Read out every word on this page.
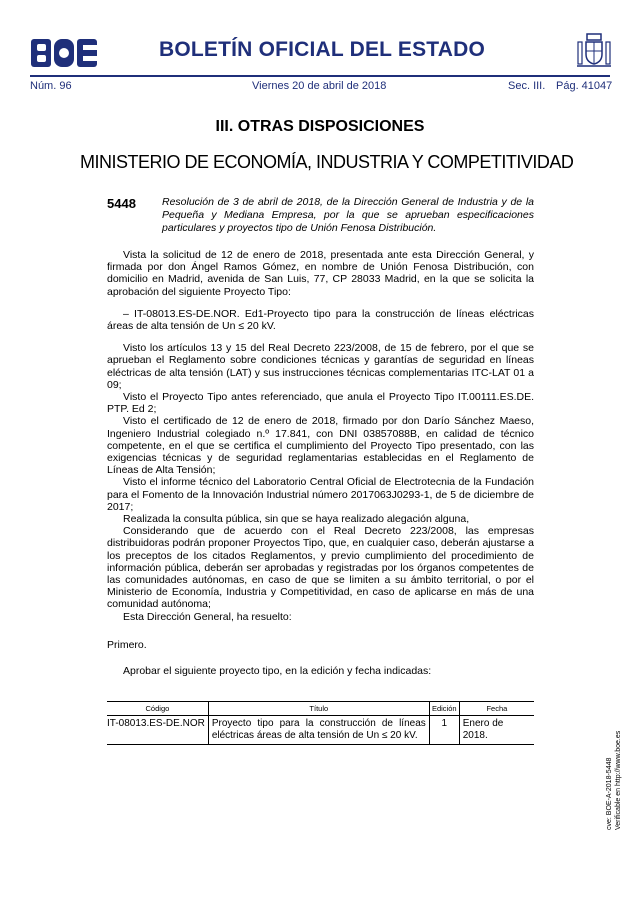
BOLETÍN OFICIAL DEL ESTADO
Núm. 96	Viernes 20 de abril de 2018	Sec. III. Pág. 41047
III. OTRAS DISPOSICIONES
MINISTERIO DE ECONOMÍA, INDUSTRIA Y COMPETITIVIDAD
5448 Resolución de 3 de abril de 2018, de la Dirección General de Industria y de la Pequeña y Mediana Empresa, por la que se aprueban especificaciones particulares y proyectos tipo de Unión Fenosa Distribución.

Vista la solicitud de 12 de enero de 2018, presentada ante esta Dirección General, y firmada por don Ángel Ramos Gómez, en nombre de Unión Fenosa Distribución, con domicilio en Madrid, avenida de San Luis, 77, CP 28033 Madrid, en la que se solicita la aprobación del siguiente Proyecto Tipo:

– IT-08013.ES-DE.NOR. Ed1-Proyecto tipo para la construcción de líneas eléctricas áreas de alta tensión de Un ≤ 20 kV.

Visto los artículos 13 y 15 del Real Decreto 223/2008, de 15 de febrero, por el que se aprueban el Reglamento sobre condiciones técnicas y garantías de seguridad en líneas eléctricas de alta tensión (LAT) y sus instrucciones técnicas complementarias ITC-LAT 01 a 09;

Visto el Proyecto Tipo antes referenciado, que anula el Proyecto Tipo IT.00111.ES.DE. PTP. Ed 2;

Visto el certificado de 12 de enero de 2018, firmado por don Darío Sánchez Maeso, Ingeniero Industrial colegiado n.º 17.841, con DNI 03857088B, en calidad de técnico competente, en el que se certifica el cumplimiento del Proyecto Tipo presentado, con las exigencias técnicas y de seguridad reglamentarias establecidas en el Reglamento de Líneas de Alta Tensión;

Visto el informe técnico del Laboratorio Central Oficial de Electrotecnia de la Fundación para el Fomento de la Innovación Industrial número 2017063J0293-1, de 5 de diciembre de 2017;

Realizada la consulta pública, sin que se haya realizado alegación alguna,

Considerando que de acuerdo con el Real Decreto 223/2008, las empresas distribuidoras podrán proponer Proyectos Tipo, que, en cualquier caso, deberán ajustarse a los preceptos de los citados Reglamentos, y previo cumplimiento del procedimiento de información pública, deberán ser aprobadas y registradas por los órganos competentes de las comunidades autónomas, en caso de que se limiten a su ámbito territorial, o por el Ministerio de Economía, Industria y Competitividad, en caso de aplicarse en más de una comunidad autónoma;

Esta Dirección General, ha resuelto:

Primero.

Aprobar el siguiente proyecto tipo, en la edición y fecha indicadas:

Código	Título	Edición	Fecha
IT-08013.ES-DE.NOR	Proyecto tipo para la construcción de líneas eléctricas áreas de alta tensión de Un ≤ 20 kV.	1	Enero de 2018.
cve: BOE-A-2018-5448 Verificable en http://www.boe.es
